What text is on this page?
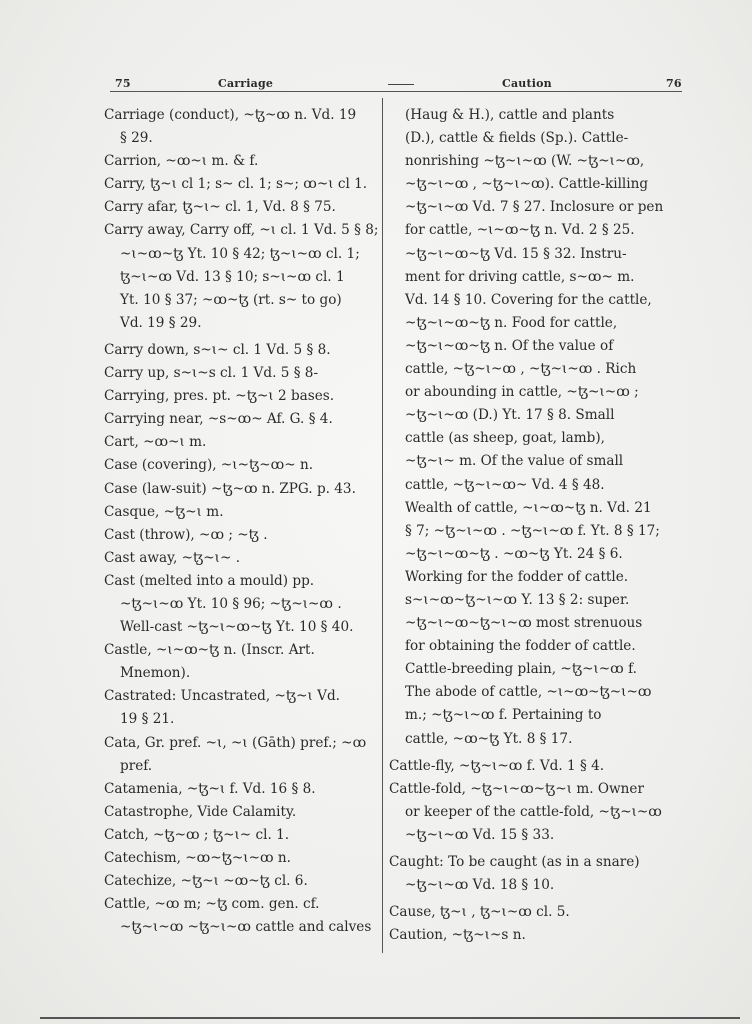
75	Carriage	Caution	76
Carriage (conduct), ~ꜩ~ꝏ n. Vd. 19
§ 29.
Carrion, ~ꝏ~ɩ m. & f.
Carry, ꜩ~ɩ cl 1; ꜱ~ cl. 1; ꜱ~; ꝏ~ɩ cl 1.
Carry afar, ꜩ~ɩ~ cl. 1, Vd. 8 § 75.
Carry away, Carry off, ~ɩ cl. 1 Vd. 5 § 8;
~ɩ~ꝏ~ꜩ Yt. 10 § 42; ꜩ~ɩ~ꝏ cl. 1;
ꜩ~ɩ~ꝏ Vd. 13 § 10; ꜱ~ɩ~ꝏ cl. 1
Yt. 10 § 37; ~ꝏ~ꜩ (rt. ꜱ~ to go)
Vd. 19 § 29.
Carry down, ꜱ~ɩ~ cl. 1 Vd. 5 § 8.
Carry up, ꜱ~ɩ~ꜱ cl. 1 Vd. 5 § 8-
Carrying, pres. pt. ~ꜩ~ɩ 2 bases.
Carrying near, ~ꜱ~ꝏ~ Af. G. § 4.
Cart, ~ꝏ~ɩ m.
Case (covering), ~ɩ~ꜩ~ꝏ~ n.
Case (law-suit) ~ꜩ~ꝏ n. ZPG. p. 43.
Casque, ~ꜩ~ɩ m.
Cast (throw), ~ꝏ ; ~ꜩ .
Cast away, ~ꜩ~ɩ~ .
Cast (melted into a mould) pp.
~ꜩ~ɩ~ꝏ Yt. 10 § 96; ~ꜩ~ɩ~ꝏ .
Well-cast ~ꜩ~ɩ~ꝏ~ꜩ Yt. 10 § 40.
Castle, ~ɩ~ꝏ~ꜩ n. (Inscr. Art.
Mnemon).
Castrated: Uncastrated, ~ꜩ~ɩ Vd.
19 § 21.
Cata, Gr. pref. ~ɩ, ~ɩ (Gāth) pref.; ~ꝏ
pref.
Catamenia, ~ꜩ~ɩ f. Vd. 16 § 8.
Catastrophe, Vide Calamity.
Catch, ~ꜩ~ꝏ ; ꜩ~ɩ~ cl. 1.
Catechism, ~ꝏ~ꜩ~ɩ~ꝏ n.
Catechize, ~ꜩ~ɩ ~ꝏ~ꜩ cl. 6.
Cattle, ~ꝏ m; ~ꜩ com. gen. cf.
~ꜩ~ɩ~ꝏ ~ꜩ~ɩ~ꝏ cattle and calves
(Haug & H.), cattle and plants
(D.), cattle & fields (Sp.). Cattle-
nonrishing ~ꜩ~ɩ~ꝏ (W. ~ꜩ~ɩ~ꝏ,
~ꜩ~ɩ~ꝏ , ~ꜩ~ɩ~ꝏ). Cattle-killing
~ꜩ~ɩ~ꝏ Vd. 7 § 27. Inclosure or pen
for cattle, ~ɩ~ꝏ~ꜩ n. Vd. 2 § 25.
~ꜩ~ɩ~ꝏ~ꜩ Vd. 15 § 32. Instru-
ment for driving cattle, ꜱ~ꝏ~ m.
Vd. 14 § 10. Covering for the cattle,
~ꜩ~ɩ~ꝏ~ꜩ n. Food for cattle,
~ꜩ~ɩ~ꝏ~ꜩ n. Of the value of
cattle, ~ꜩ~ɩ~ꝏ , ~ꜩ~ɩ~ꝏ . Rich
or abounding in cattle, ~ꜩ~ɩ~ꝏ ;
~ꜩ~ɩ~ꝏ (D.) Yt. 17 § 8. Small
cattle (as sheep, goat, lamb),
~ꜩ~ɩ~ m. Of the value of small
cattle, ~ꜩ~ɩ~ꝏ~ Vd. 4 § 48.
Wealth of cattle, ~ɩ~ꝏ~ꜩ n. Vd. 21
§ 7; ~ꜩ~ɩ~ꝏ . ~ꜩ~ɩ~ꝏ f. Yt. 8 § 17;
~ꜩ~ɩ~ꝏ~ꜩ . ~ꝏ~ꜩ Yt. 24 § 6.
Working for the fodder of cattle.
ꜱ~ɩ~ꝏ~ꜩ~ɩ~ꝏ Y. 13 § 2: super.
~ꜩ~ɩ~ꝏ~ꜩ~ɩ~ꝏ most strenuous
for obtaining the fodder of cattle.
Cattle-breeding plain, ~ꜩ~ɩ~ꝏ f.
The abode of cattle, ~ɩ~ꝏ~ꜩ~ɩ~ꝏ
m.; ~ꜩ~ɩ~ꝏ f. Pertaining to
cattle, ~ꝏ~ꜩ Yt. 8 § 17.
Cattle-fly, ~ꜩ~ɩ~ꝏ f. Vd. 1 § 4.
Cattle-fold, ~ꜩ~ɩ~ꝏ~ꜩ~ɩ m. Owner
or keeper of the cattle-fold, ~ꜩ~ɩ~ꝏ
~ꜩ~ɩ~ꝏ Vd. 15 § 33.
Caught: To be caught (as in a snare)
~ꜩ~ɩ~ꝏ Vd. 18 § 10.
Cause, ꜩ~ɩ , ꜩ~ɩ~ꝏ cl. 5.
Caution, ~ꜩ~ɩ~ꜱ n.
